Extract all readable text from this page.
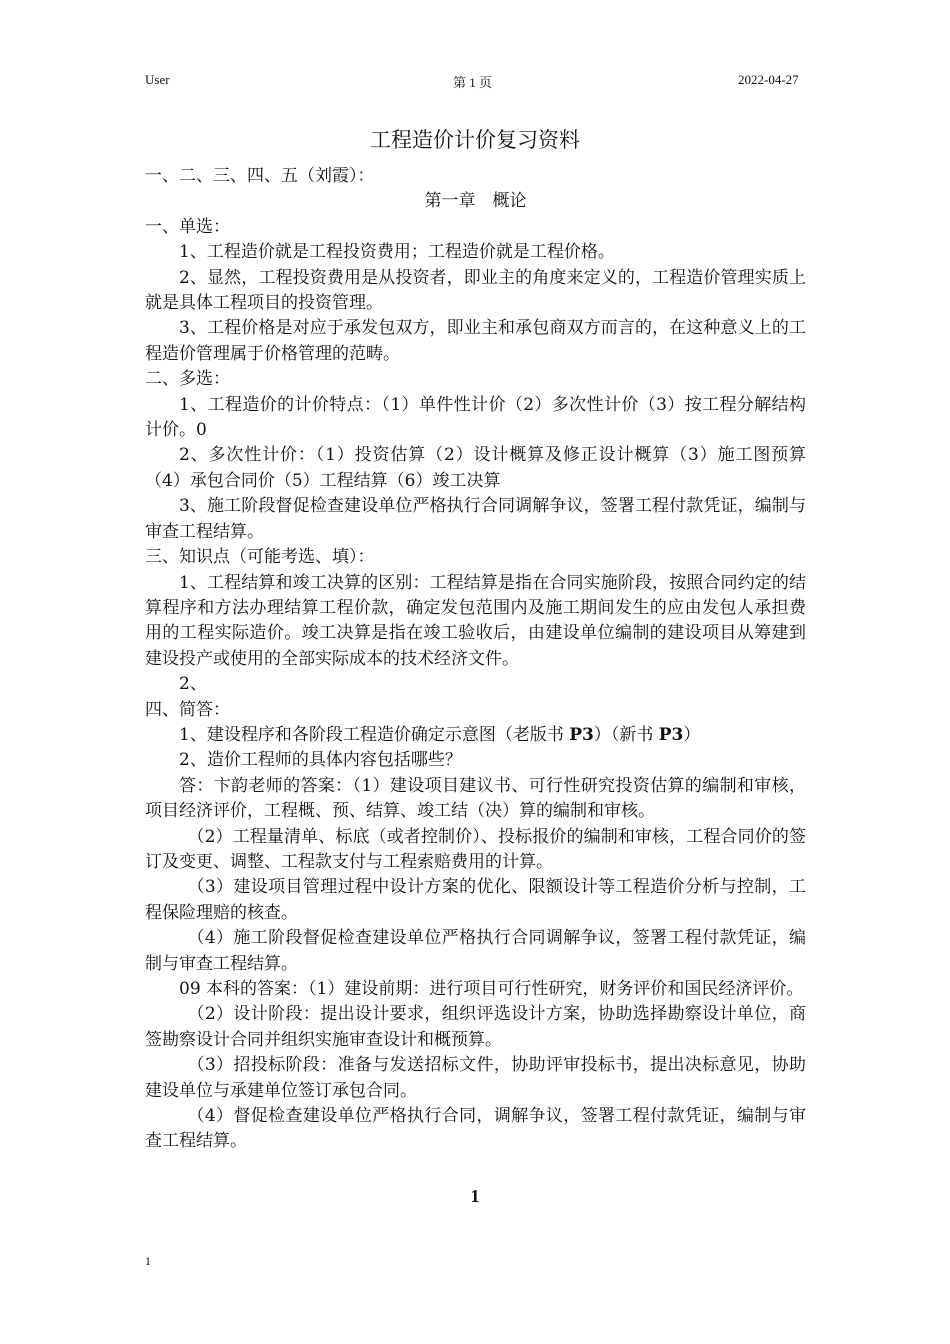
User	第 1 页	2022-04-27
工程造价计价复习资料

一、二、三、四、五（刘霞）：

第一章　概论

一、单选：

1、工程造价就是工程投资费用；工程造价就是工程价格。

2、显然，工程投资费用是从投资者，即业主的角度来定义的，工程造价管理实质上就是具体工程项目的投资管理。

3、工程价格是对应于承发包双方，即业主和承包商双方而言的，在这种意义上的工程造价管理属于价格管理的范畴。

二、多选：

1、工程造价的计价特点：（1）单件性计价（2）多次性计价（3）按工程分解结构计价。0

2、多次性计价：（1）投资估算（2）设计概算及修正设计概算（3）施工图预算（4）承包合同价（5）工程结算（6）竣工决算

3、施工阶段督促检查建设单位严格执行合同调解争议，签署工程付款凭证，编制与审查工程结算。

三、知识点（可能考选、填）：

1、工程结算和竣工决算的区别：工程结算是指在合同实施阶段，按照合同约定的结算程序和方法办理结算工程价款，确定发包范围内及施工期间发生的应由发包人承担费用的工程实际造价。竣工决算是指在竣工验收后，由建设单位编制的建设项目从筹建到建设投产或使用的全部实际成本的技术经济文件。

2、

四、简答：

1、建设程序和各阶段工程造价确定示意图（老版书 P3）（新书 P3）

2、造价工程师的具体内容包括哪些？

答：卞韵老师的答案：（1）建设项目建议书、可行性研究投资估算的编制和审核，项目经济评价，工程概、预、结算、竣工结（决）算的编制和审核。

（2）工程量清单、标底（或者控制价）、投标报价的编制和审核，工程合同价的签订及变更、调整、工程款支付与工程索赔费用的计算。

（3）建设项目管理过程中设计方案的优化、限额设计等工程造价分析与控制，工程保险理赔的核查。

（4）施工阶段督促检查建设单位严格执行合同调解争议，签署工程付款凭证，编制与审查工程结算。

09 本科的答案：（1）建设前期：进行项目可行性研究，财务评价和国民经济评价。

（2）设计阶段：提出设计要求，组织评选设计方案，协助选择勘察设计单位，商签勘察设计合同并组织实施审查设计和概预算。

（3）招投标阶段：准备与发送招标文件，协助评审投标书，提出决标意见，协助建设单位与承建单位签订承包合同。

（4）督促检查建设单位严格执行合同，调解争议，签署工程付款凭证，编制与审查工程结算。

1
1
